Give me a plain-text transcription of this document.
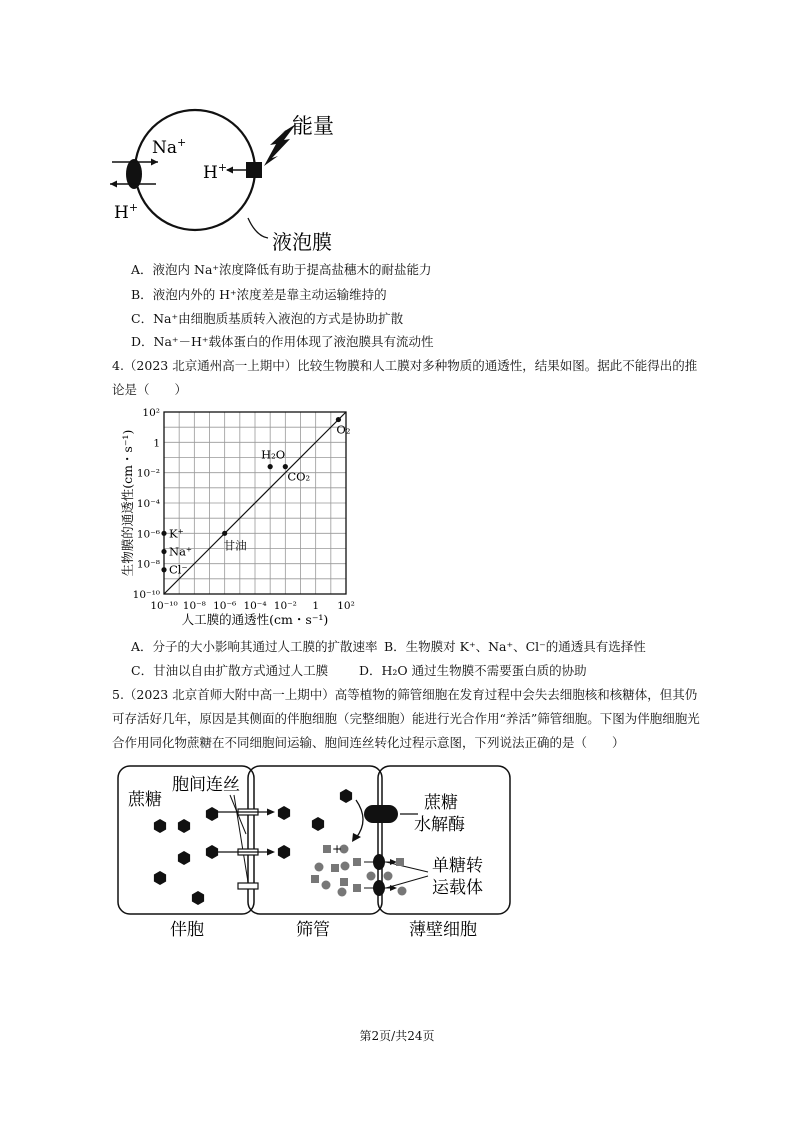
Na+
H+
H+
能量
液泡膜
A．液泡内 Na⁺浓度降低有助于提高盐穗木的耐盐能力
B．液泡内外的 H⁺浓度差是靠主动运输维持的
C．Na⁺由细胞质基质转入液泡的方式是协助扩散
D．Na⁺－H⁺载体蛋白的作用体现了液泡膜具有流动性
4.（2023 北京通州高一上期中）比较生物膜和人工膜对多种物质的通透性，结果如图。据此不能得出的推
论是（　　）
10⁻¹⁰ 10⁻⁸ 10⁻⁶ 10⁻⁴ 10⁻² 1 10²
10⁻¹⁰
10⁻⁸
10⁻⁶
10⁻⁴
10⁻²
1
10²
O₂
H₂O
CO₂
甘油
K⁺
Na⁺
Cl⁻
人工膜的通透性(cm・s⁻¹)
生物膜的通透性(cm・s⁻¹)
A．分子的大小影响其通过人工膜的扩散速率 B．生物膜对 K⁺、Na⁺、Cl⁻的通透具有选择性
C．甘油以自由扩散方式通过人工膜 D．H₂O 通过生物膜不需要蛋白质的协助
5.（2023 北京首师大附中高一上期中）高等植物的筛管细胞在发育过程中会失去细胞核和核糖体，但其仍
可存活好几年，原因是其侧面的伴胞细胞（完整细胞）能进行光合作用“养活”筛管细胞。下图为伴胞细胞光
合作用同化物蔗糖在不同细胞间运输、胞间连丝转化过程示意图，下列说法正确的是（　　）
蔗糖
胞间连丝
+
蔗糖
水解酶
单糖转
运载体
伴胞	筛管	薄壁细胞
第2页/共24页
